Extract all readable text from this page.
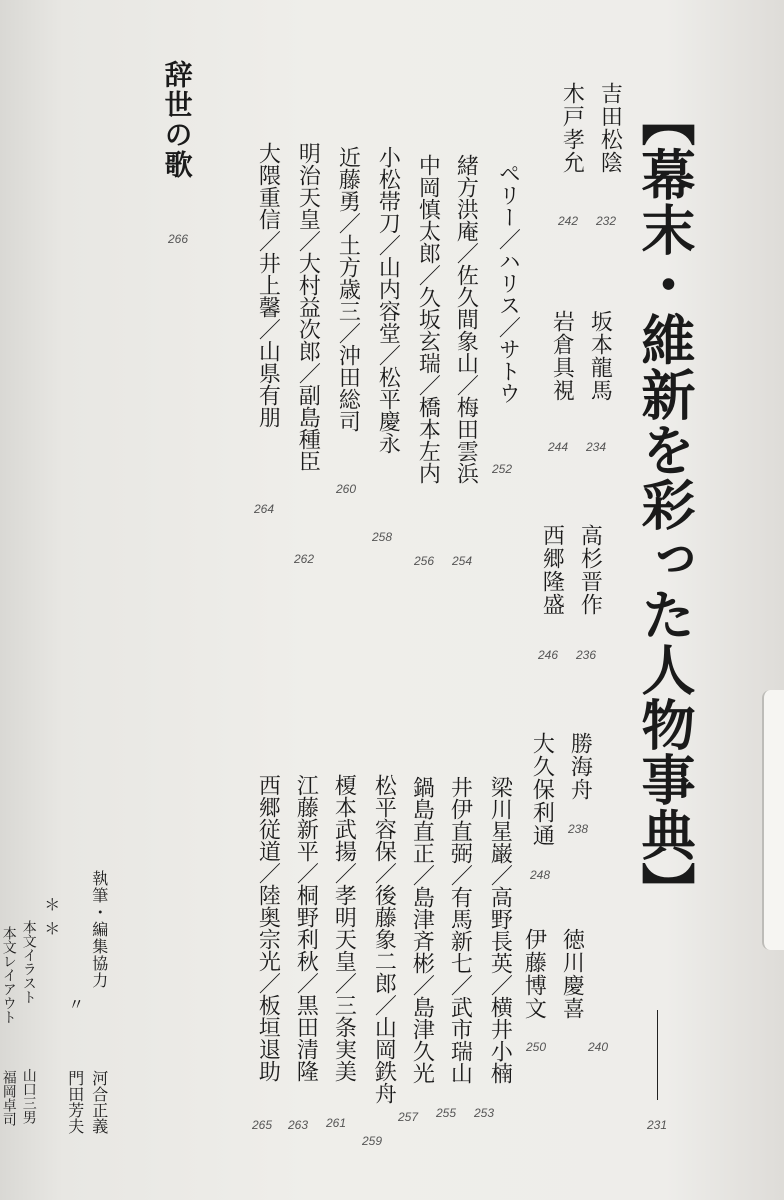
【幕末・維新を彩った人物事典】
231
吉田松陰
232
木戸孝允
242
坂本龍馬
234
岩倉具視
244
高杉晋作
236
西郷隆盛
246
勝海舟
238
大久保利通
248
徳川慶喜
240
伊藤博文
250
ペリー／ハリス／サトウ
252
緒方洪庵／佐久間象山／梅田雲浜
254
中岡慎太郎／久坂玄瑞／橋本左内
256
小松帯刀／山内容堂／松平慶永
258
近藤勇／土方歳三／沖田総司
260
明治天皇／大村益次郎／副島種臣
262
大隈重信／井上馨／山県有朋
264
梁川星巌／高野長英／横井小楠
253
井伊直弼／有馬新七／武市瑞山
255
鍋島直正／島津斉彬／島津久光
257
松平容保／後藤象二郎／山岡鉄舟
259
榎本武揚／孝明天皇／三条実美
261
江藤新平／桐野利秋／黒田清隆
263
西郷従道／陸奥宗光／板垣退助
265
辞世の歌
266
執筆・編集協力
河合正義
〃
門田芳夫
＊＊
本文イラスト
山口三男
本文レイアウト
福岡卓司
